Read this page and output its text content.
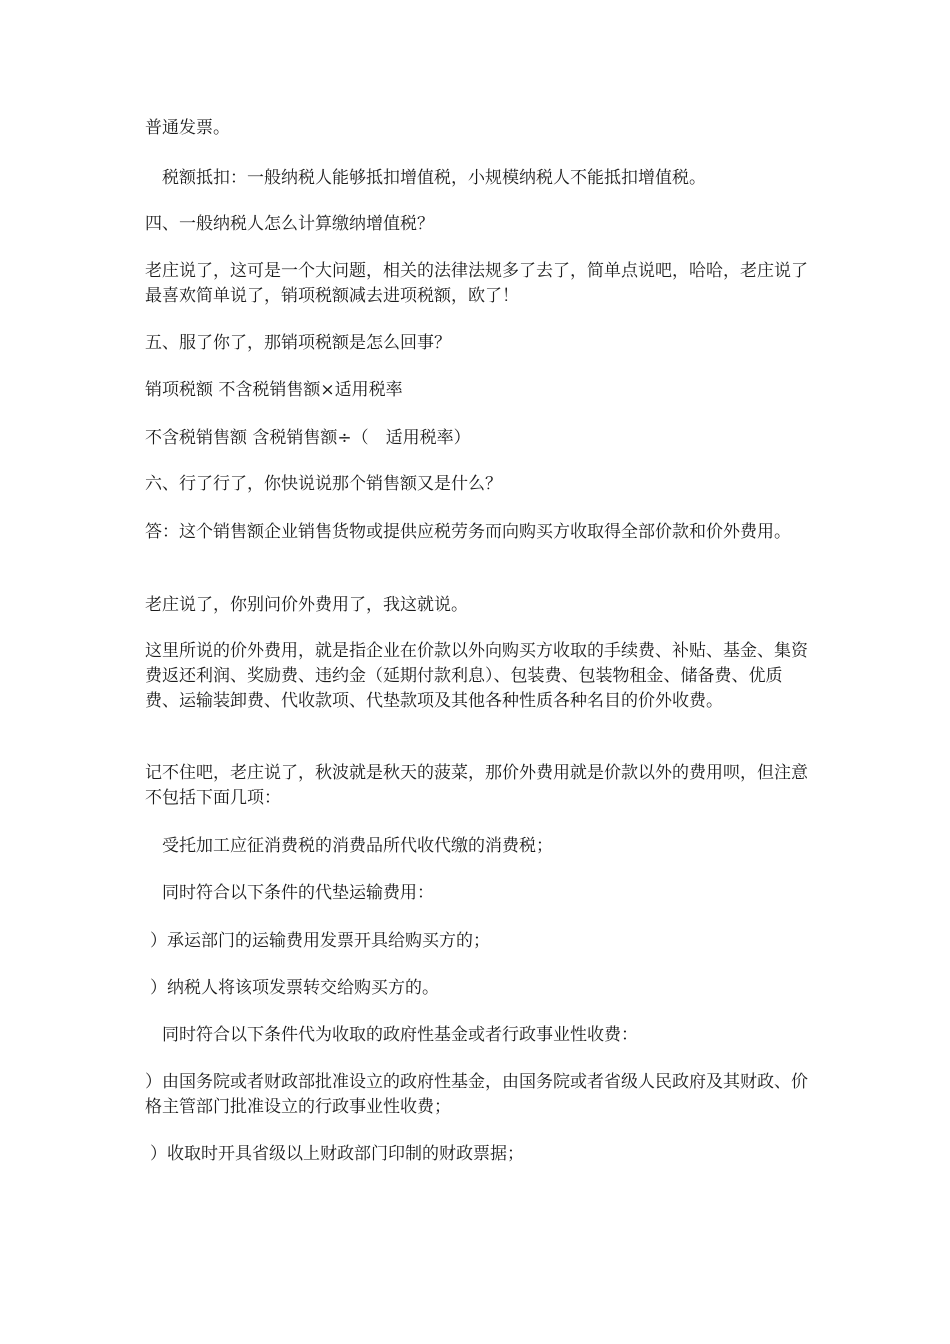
普通发票。

税额抵扣：一般纳税人能够抵扣增值税，小规模纳税人不能抵扣增值税。

四、一般纳税人怎么计算缴纳增值税？

老庄说了，这可是一个大问题，相关的法律法规多了去了，简单点说吧，哈哈，老庄说了最喜欢简单说了，销项税额减去进项税额，欧了！

五、服了你了，那销项税额是怎么回事？

销项税额 不含税销售额×适用税率

不含税销售额 含税销售额÷（　适用税率）

六、行了行了，你快说说那个销售额又是什么？

答：这个销售额企业销售货物或提供应税劳务而向购买方收取得全部价款和价外费用。

老庄说了，你别问价外费用了，我这就说。

这里所说的价外费用，就是指企业在价款以外向购买方收取的手续费、补贴、基金、集资费返还利润、奖励费、违约金（延期付款利息）、包装费、包装物租金、储备费、优质费、运输装卸费、代收款项、代垫款项及其他各种性质各种名目的价外收费。

记不住吧，老庄说了，秋波就是秋天的菠菜，那价外费用就是价款以外的费用呗，但注意不包括下面几项：

受托加工应征消费税的消费品所代收代缴的消费税；

同时符合以下条件的代垫运输费用：

）承运部门的运输费用发票开具给购买方的；

）纳税人将该项发票转交给购买方的。

同时符合以下条件代为收取的政府性基金或者行政事业性收费：

）由国务院或者财政部批准设立的政府性基金，由国务院或者省级人民政府及其财政、价格主管部门批准设立的行政事业性收费；

）收取时开具省级以上财政部门印制的财政票据；
